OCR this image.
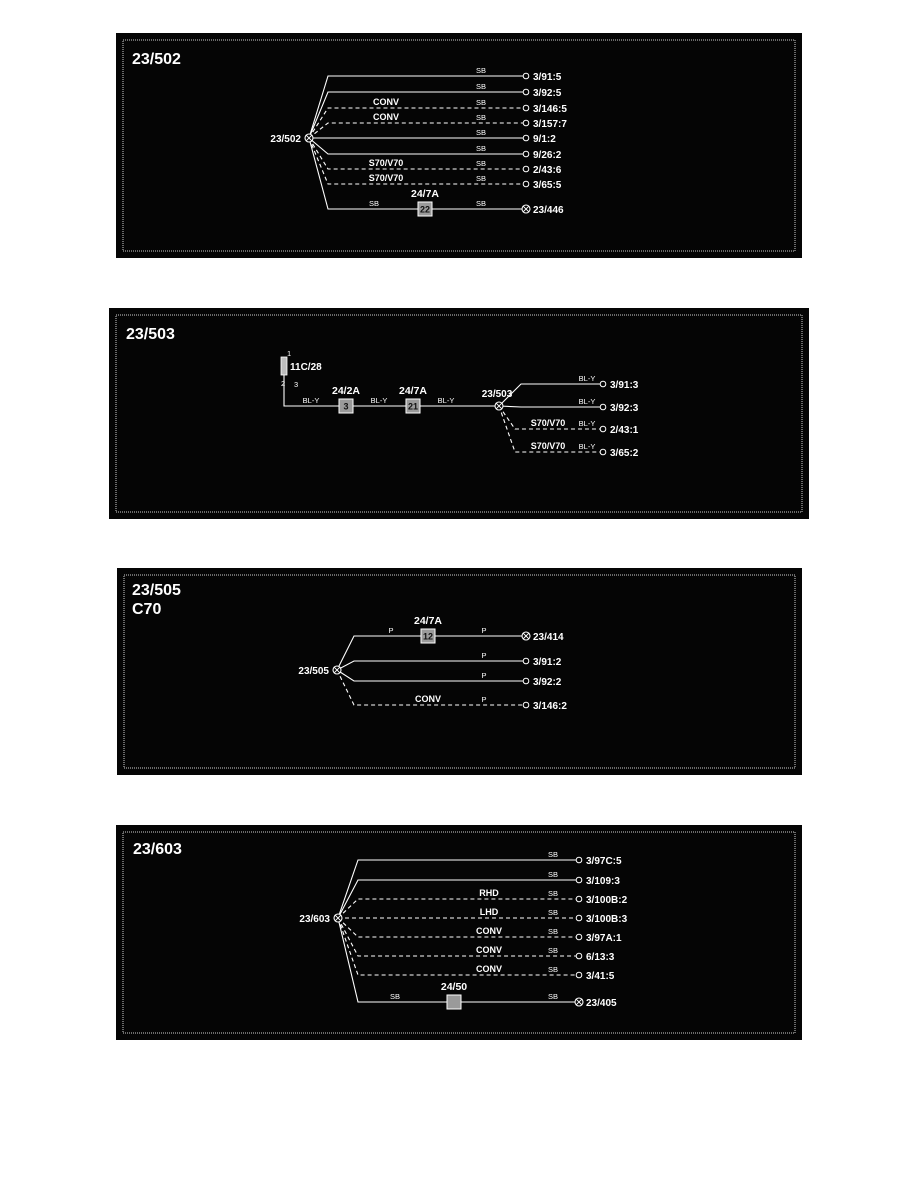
23/502
23/502
SB
3/91:5
SB
3/92:5
SB
CONV
3/146:5
SB
CONV
3/157:7
SB
9/1:2
SB
9/26:2
SB
S70/V70
2/43:6
SB
S70/V70
3/65:5
SB
SB
24/7A
22	23/446
23/503
11C/28
1
2 3
BL-Y
24/2A
3
BL-Y
24/7A
21
BL-Y
23/503
BL-Y
3/91:3
BL-Y
3/92:3
BL-Y
S70/V70
2/43:1
BL-Y
S70/V70
3/65:2
23/505
C70
23/505
P
P
24/7A
12	23/414
P
3/91:2
P
3/92:2
P
CONV
3/146:2
23/603
23/603
SB
3/97C:5
SB
3/109:3
SB
RHD
3/100B:2
SB
LHD
3/100B:3
SB
CONV
3/97A:1
SB
CONV
6/13:3
SB
CONV
3/41:5
SB
SB
24/50
23/405
